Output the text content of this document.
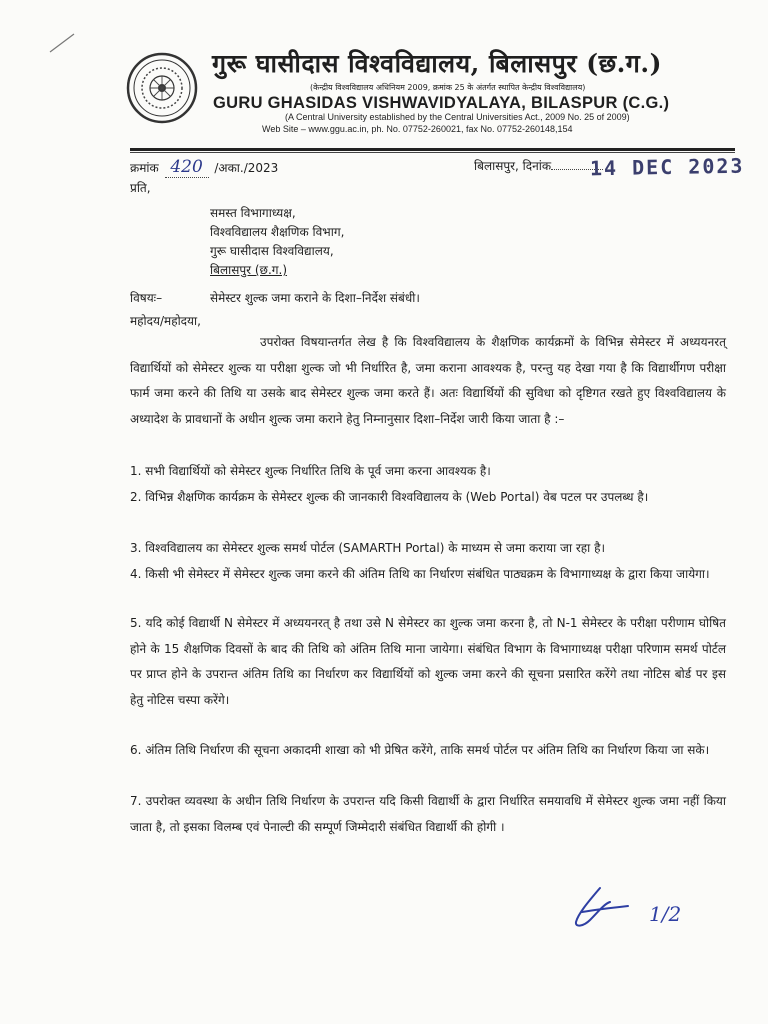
गुरू घासीदास विश्वविद्यालय, बिलासपुर (छ.ग.)
(केन्द्रीय विश्वविद्यालय अधिनियम 2009, क्रमांक 25 के अंतर्गत स्थापित केन्द्रीय विश्वविद्यालय)
GURU GHASIDAS VISHWAVIDYALAYA, BILASPUR (C.G.)
(A Central University established by the Central Universities Act., 2009 No. 25 of 2009)
Web Site – www.ggu.ac.in, ph. No. 07752-260021, fax No. 07752-260148,154
क्रमांक 420 /अका./2023	बिलासपुर, दिनांक	14 DEC 2023
प्रति,
समस्त विभागाध्यक्ष,
विश्वविद्यालय शैक्षणिक विभाग,
गुरू घासीदास विश्वविद्यालय,
बिलासपुर (छ.ग.)
विषयः–	सेमेस्टर शुल्क जमा कराने के दिशा–निर्देश संबंधी।
महोदय/महोदया,
उपरोक्त विषयान्तर्गत लेख है कि विश्वविद्यालय के शैक्षणिक कार्यक्रमों के विभिन्न सेमेस्टर में अध्ययनरत् विद्यार्थियों को सेमेस्टर शुल्क या परीक्षा शुल्क जो भी निर्धारित है, जमा कराना आवश्यक है, परन्तु यह देखा गया है कि विद्यार्थीगण परीक्षा फार्म जमा करने की तिथि या उसके बाद सेमेस्टर शुल्क जमा करते हैं। अतः विद्यार्थियों की सुविधा को दृष्टिगत रखते हुए विश्वविद्यालय के अध्यादेश के प्रावधानों के अधीन शुल्क जमा कराने हेतु निम्नानुसार दिशा–निर्देश जारी किया जाता है :–
1. सभी विद्यार्थियों को सेमेस्टर शुल्क निर्धारित तिथि के पूर्व जमा करना आवश्यक है।
2. विभिन्न शैक्षणिक कार्यक्रम के सेमेस्टर शुल्क की जानकारी विश्वविद्यालय के (Web Portal) वेब पटल पर उपलब्ध है।
3. विश्वविद्यालय का सेमेस्टर शुल्क समर्थ पोर्टल (SAMARTH Portal) के माध्यम से जमा कराया जा रहा है।
4. किसी भी सेमेस्टर में सेमेस्टर शुल्क जमा करने की अंतिम तिथि का निर्धारण संबंधित पाठ्यक्रम के विभागाध्यक्ष के द्वारा किया जायेगा।
5. यदि कोई विद्यार्थी N सेमेस्टर में अध्ययनरत् है तथा उसे N सेमेस्टर का शुल्क जमा करना है, तो N-1 सेमेस्टर के परीक्षा परीणाम घोषित होने के 15 शैक्षणिक दिवसों के बाद की तिथि को अंतिम तिथि माना जायेगा। संबंधित विभाग के विभागाध्यक्ष परीक्षा परिणाम समर्थ पोर्टल पर प्राप्त होने के उपरान्त अंतिम तिथि का निर्धारण कर विद्यार्थियों को शुल्क जमा करने की सूचना प्रसारित करेंगे तथा नोटिस बोर्ड पर इस हेतु नोटिस चस्पा करेंगे।
6. अंतिम तिथि निर्धारण की सूचना अकादमी शाखा को भी प्रेषित करेंगे, ताकि समर्थ पोर्टल पर अंतिम तिथि का निर्धारण किया जा सके।
7. उपरोक्त व्यवस्था के अधीन तिथि निर्धारण के उपरान्त यदि किसी विद्यार्थी के द्वारा निर्धारित समयावधि में सेमेस्टर शुल्क जमा नहीं किया जाता है, तो इसका विलम्ब एवं पेनाल्टी की सम्पूर्ण जिम्मेदारी संबंधित विद्यार्थी की होगी ।
1/2
